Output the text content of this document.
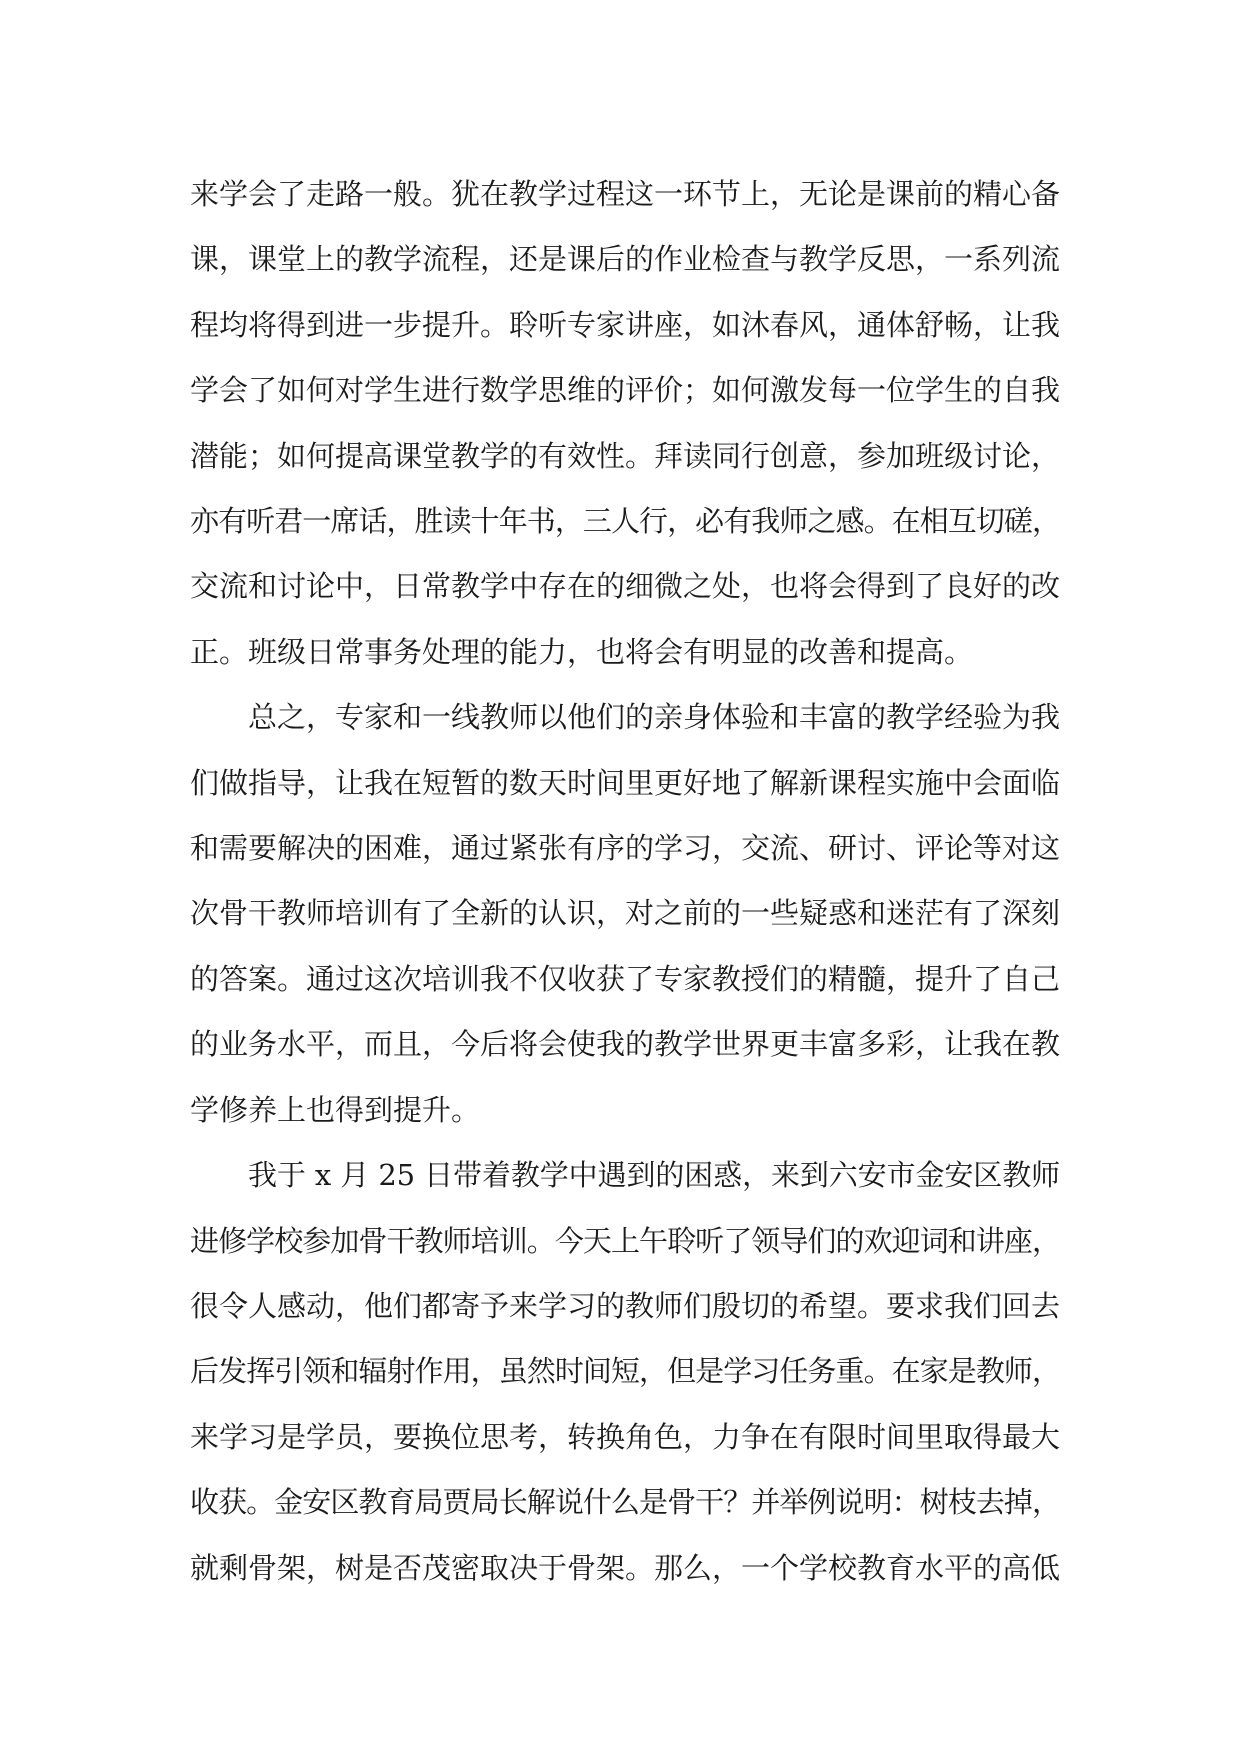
来学会了走路一般。犹在教学过程这一环节上，无论是课前的精心备
课，课堂上的教学流程，还是课后的作业检查与教学反思，一系列流
程均将得到进一步提升。聆听专家讲座，如沐春风，通体舒畅，让我
学会了如何对学生进行数学思维的评价；如何激发每一位学生的自我
潜能；如何提高课堂教学的有效性。拜读同行创意，参加班级讨论，
亦有听君一席话，胜读十年书，三人行，必有我师之感。在相互切磋，
交流和讨论中，日常教学中存在的细微之处，也将会得到了良好的改
正。班级日常事务处理的能力，也将会有明显的改善和提高。

总之，专家和一线教师以他们的亲身体验和丰富的教学经验为我
们做指导，让我在短暂的数天时间里更好地了解新课程实施中会面临
和需要解决的困难，通过紧张有序的学习，交流、研讨、评论等对这
次骨干教师培训有了全新的认识，对之前的一些疑惑和迷茫有了深刻
的答案。通过这次培训我不仅收获了专家教授们的精髓，提升了自己
的业务水平，而且，今后将会使我的教学世界更丰富多彩，让我在教
学修养上也得到提升。

我于 x 月 25 日带着教学中遇到的困惑，来到六安市金安区教师
进修学校参加骨干教师培训。今天上午聆听了领导们的欢迎词和讲座，
很令人感动，他们都寄予来学习的教师们殷切的希望。要求我们回去
后发挥引领和辐射作用，虽然时间短，但是学习任务重。在家是教师，
来学习是学员，要换位思考，转换角色，力争在有限时间里取得最大
收获。金安区教育局贾局长解说什么是骨干？并举例说明：树枝去掉，
就剩骨架，树是否茂密取决于骨架。那么，一个学校教育水平的高低
